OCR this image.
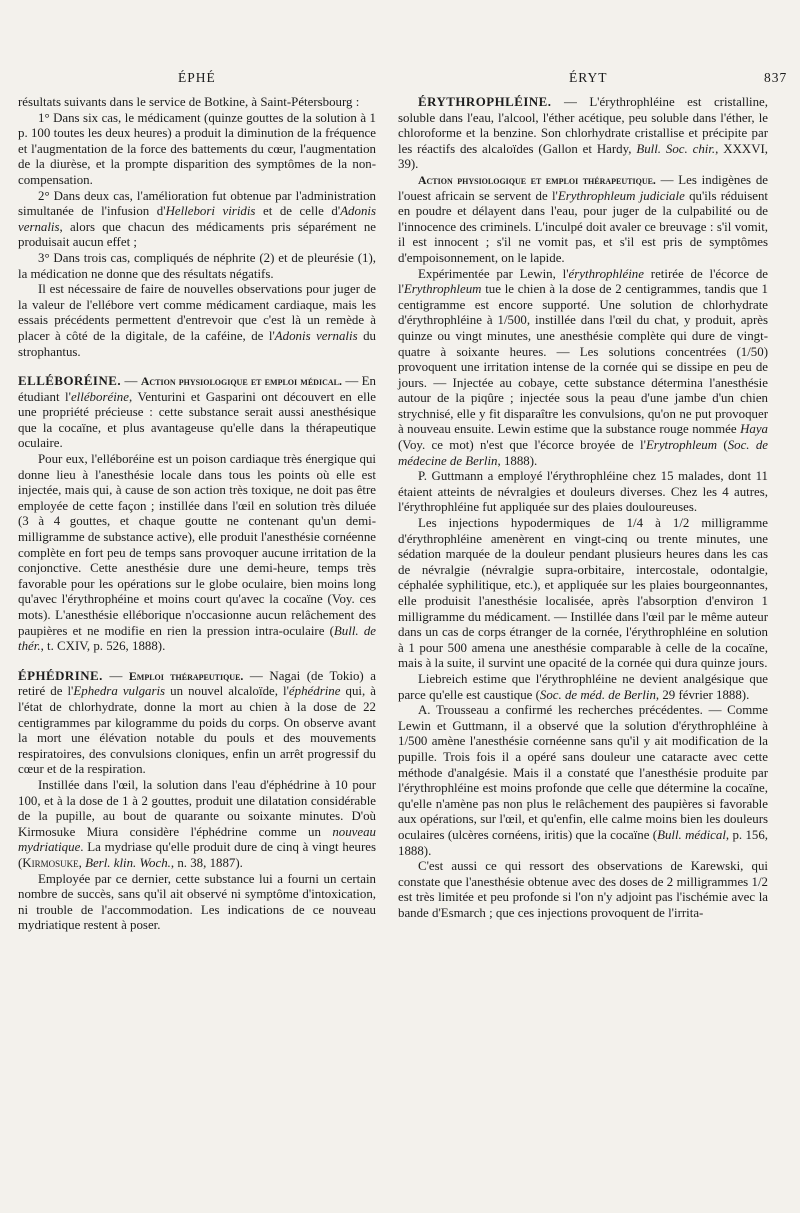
ÉPHÉ	ÉRYT	837

résultats suivants dans le service de Botkine, à Saint-Pétersbourg :

1° Dans six cas, le médicament (quinze gouttes de la solution à 1 p. 100 toutes les deux heures) a produit la diminution de la fréquence et l'augmentation de la force des battements du cœur, l'augmentation de la diurèse, et la prompte disparition des symptômes de la non-compensation.

2° Dans deux cas, l'amélioration fut obtenue par l'administration simultanée de l'infusion d'Hellebori viridis et de celle d'Adonis vernalis, alors que chacun des médicaments pris séparément ne produisait aucun effet ;

3° Dans trois cas, compliqués de néphrite (2) et de pleurésie (1), la médication ne donne que des résultats négatifs.

Il est nécessaire de faire de nouvelles observations pour juger de la valeur de l'ellébore vert comme médicament cardiaque, mais les essais précédents permettent d'entrevoir que c'est là un remède à placer à côté de la digitale, de la caféine, de l'Adonis vernalis du strophantus.

ELLÉBORÉINE. — Action physiologique et emploi médical. — En étudiant l'elléboréine, Venturini et Gasparini ont découvert en elle une propriété précieuse : cette substance serait aussi anesthésique que la cocaïne, et plus avantageuse qu'elle dans la thérapeutique oculaire.

Pour eux, l'elléboréine est un poison cardiaque très énergique qui donne lieu à l'anesthésie locale dans tous les points où elle est injectée, mais qui, à cause de son action très toxique, ne doit pas être employée de cette façon ; instillée dans l'œil en solution très diluée (3 à 4 gouttes, et chaque goutte ne contenant qu'un demi-milligramme de substance active), elle produit l'anesthésie cornéenne complète en fort peu de temps sans provoquer aucune irritation de la conjonctive. Cette anesthésie dure une demi-heure, temps très favorable pour les opérations sur le globe oculaire, bien moins long qu'avec l'érythrophéine et moins court qu'avec la cocaïne (Voy. ces mots). L'anesthésie elléborique n'occasionne aucun relâchement des paupières et ne modifie en rien la pression intra-oculaire (Bull. de thér., t. CXIV, p. 526, 1888).

ÉPHÉDRINE. — Emploi thérapeutique. — Nagai (de Tokio) a retiré de l'Ephedra vulgaris un nouvel alcaloïde, l'éphédrine qui, à l'état de chlorhydrate, donne la mort au chien à la dose de 22 centigrammes par kilogramme du poids du corps. On observe avant la mort une élévation notable du pouls et des mouvements respiratoires, des convulsions cloniques, enfin un arrêt progressif du cœur et de la respiration.

Instillée dans l'œil, la solution dans l'eau d'éphédrine à 10 pour 100, et à la dose de 1 à 2 gouttes, produit une dilatation considérable de la pupille, au bout de quarante ou soixante minutes. D'où Kirmosuke Miura considère l'éphédrine comme un nouveau mydriatique. La mydriase qu'elle produit dure de cinq à vingt heures (Kirmosuke, Berl. klin. Woch., n. 38, 1887).

Employée par ce dernier, cette substance lui a fourni un certain nombre de succès, sans qu'il ait observé ni symptôme d'intoxication, ni trouble de l'accommodation. Les indications de ce nouveau mydriatique restent à poser.

ÉRYTHROPHLÉINE. — L'érythrophléine est cristalline, soluble dans l'eau, l'alcool, l'éther acétique, peu soluble dans l'éther, le chloroforme et la benzine. Son chlorhydrate cristallise et précipite par les réactifs des alcaloïdes (Gallon et Hardy, Bull. Soc. chir., XXXVI, 39).

Action physiologique et emploi thérapeutique. — Les indigènes de l'ouest africain se servent de l'Erythrophleum judiciale qu'ils réduisent en poudre et délayent dans l'eau, pour juger de la culpabilité ou de l'innocence des criminels. L'inculpé doit avaler ce breuvage : s'il vomit, il est innocent ; s'il ne vomit pas, et s'il est pris de symptômes d'empoisonnement, on le lapide.

Expérimentée par Lewin, l'érythrophléine retirée de l'écorce de l'Erythrophleum tue le chien à la dose de 2 centigrammes, tandis que 1 centigramme est encore supporté. Une solution de chlorhydrate d'érythrophléine à 1/500, instillée dans l'œil du chat, y produit, après quinze ou vingt minutes, une anesthésie complète qui dure de vingt-quatre à soixante heures. — Les solutions concentrées (1/50) provoquent une irritation intense de la cornée qui se dissipe en peu de jours. — Injectée au cobaye, cette substance détermina l'anesthésie autour de la piqûre ; injectée sous la peau d'une jambe d'un chien strychnisé, elle y fit disparaître les convulsions, qu'on ne put provoquer à nouveau ensuite. Lewin estime que la substance rouge nommée Haya (Voy. ce mot) n'est que l'écorce broyée de l'Erytrophleum (Soc. de médecine de Berlin, 1888).

P. Guttmann a employé l'érythrophléine chez 15 malades, dont 11 étaient atteints de névralgies et douleurs diverses. Chez les 4 autres, l'érythrophléine fut appliquée sur des plaies douloureuses.

Les injections hypodermiques de 1/4 à 1/2 milligramme d'érythrophléine amenèrent en vingt-cinq ou trente minutes, une sédation marquée de la douleur pendant plusieurs heures dans les cas de névralgie (névralgie supra-orbitaire, intercostale, odontalgie, céphalée syphilitique, etc.), et appliquée sur les plaies bourgeonnantes, elle produisit l'anesthésie localisée, après l'absorption d'environ 1 milligramme du médicament. — Instillée dans l'œil par le même auteur dans un cas de corps étranger de la cornée, l'érythrophléine en solution à 1 pour 500 amena une anesthésie comparable à celle de la cocaïne, mais à la suite, il survint une opacité de la cornée qui dura quinze jours.

Liebreich estime que l'érythrophléine ne devient analgésique que parce qu'elle est caustique (Soc. de méd. de Berlin, 29 février 1888).

A. Trousseau a confirmé les recherches précédentes. — Comme Lewin et Guttmann, il a observé que la solution d'érythrophléine à 1/500 amène l'anesthésie cornéenne sans qu'il y ait modification de la pupille. Trois fois il a opéré sans douleur une cataracte avec cette méthode d'analgésie. Mais il a constaté que l'anesthésie produite par l'érythrophléine est moins profonde que celle que détermine la cocaïne, qu'elle n'amène pas non plus le relâchement des paupières si favorable aux opérations, sur l'œil, et qu'enfin, elle calme moins bien les douleurs oculaires (ulcères cornéens, iritis) que la cocaïne (Bull. médical, p. 156, 1888).

C'est aussi ce qui ressort des observations de Karewski, qui constate que l'anesthésie obtenue avec des doses de 2 milligrammes 1/2 est très limitée et peu profonde si l'on n'y adjoint pas l'ischémie avec la bande d'Esmarch ; que ces injections provoquent de l'irrita-
